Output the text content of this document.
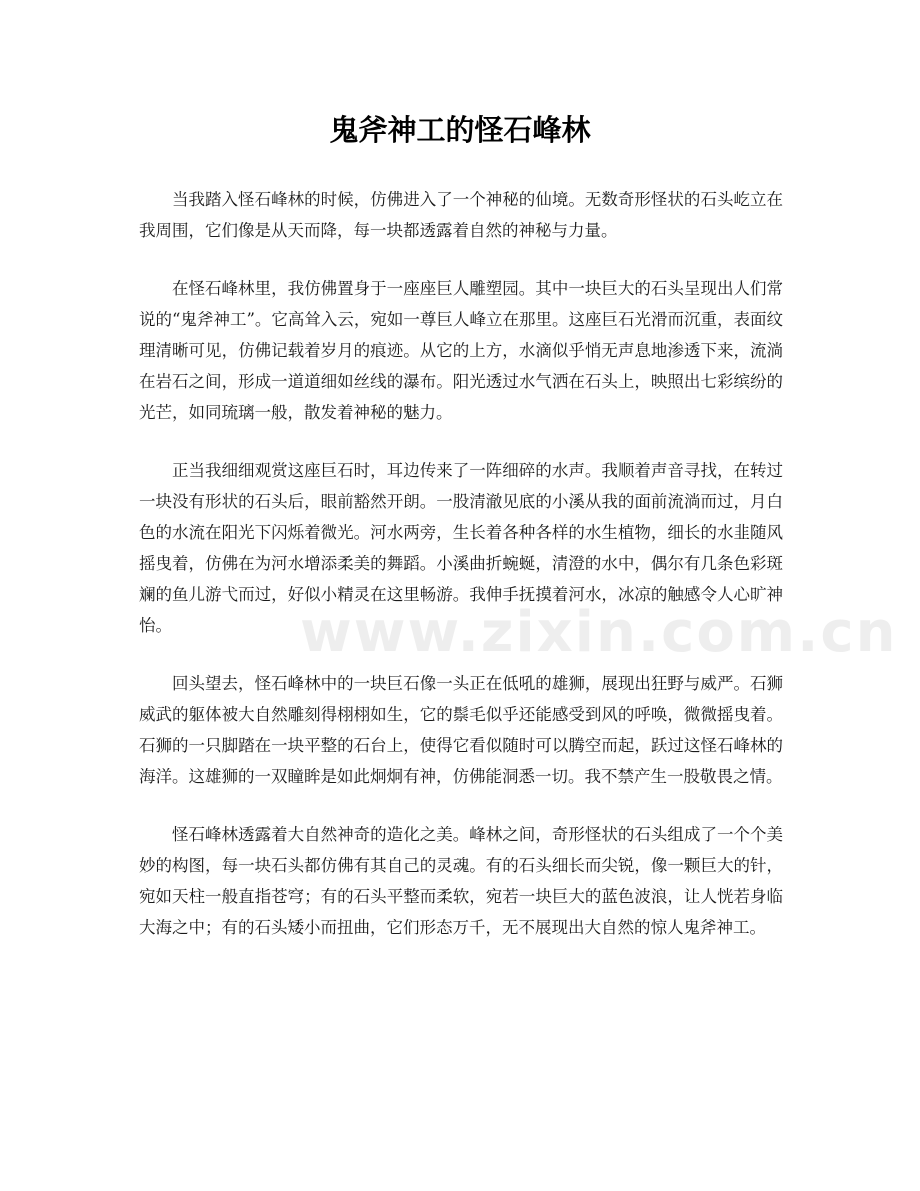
鬼斧神工的怪石峰林

当我踏入怪石峰林的时候，仿佛进入了一个神秘的仙境。无数奇形怪状的石头屹立在我周围，它们像是从天而降，每一块都透露着自然的神秘与力量。

在怪石峰林里，我仿佛置身于一座座巨人雕塑园。其中一块巨大的石头呈现出人们常说的“鬼斧神工”。它高耸入云，宛如一尊巨人峰立在那里。这座巨石光滑而沉重，表面纹理清晰可见，仿佛记载着岁月的痕迹。从它的上方，水滴似乎悄无声息地渗透下来，流淌在岩石之间，形成一道道细如丝线的瀑布。阳光透过水气洒在石头上，映照出七彩缤纷的光芒，如同琉璃一般，散发着神秘的魅力。

正当我细细观赏这座巨石时，耳边传来了一阵细碎的水声。我顺着声音寻找，在转过一块没有形状的石头后，眼前豁然开朗。一股清澈见底的小溪从我的面前流淌而过，月白色的水流在阳光下闪烁着微光。河水两旁，生长着各种各样的水生植物，细长的水韭随风摇曳着，仿佛在为河水增添柔美的舞蹈。小溪曲折蜿蜒，清澄的水中，偶尔有几条色彩斑斓的鱼儿游弋而过，好似小精灵在这里畅游。我伸手抚摸着河水，冰凉的触感令人心旷神怡。

回头望去，怪石峰林中的一块巨石像一头正在低吼的雄狮，展现出狂野与威严。石狮威武的躯体被大自然雕刻得栩栩如生，它的鬃毛似乎还能感受到风的呼唤，微微摇曳着。石狮的一只脚踏在一块平整的石台上，使得它看似随时可以腾空而起，跃过这怪石峰林的海洋。这雄狮的一双瞳眸是如此炯炯有神，仿佛能洞悉一切。我不禁产生一股敬畏之情。

怪石峰林透露着大自然神奇的造化之美。峰林之间，奇形怪状的石头组成了一个个美妙的构图，每一块石头都仿佛有其自己的灵魂。有的石头细长而尖锐，像一颗巨大的针，宛如天柱一般直指苍穹；有的石头平整而柔软，宛若一块巨大的蓝色波浪，让人恍若身临大海之中；有的石头矮小而扭曲，它们形态万千，无不展现出大自然的惊人鬼斧神工。

www.zixin.com.cn
